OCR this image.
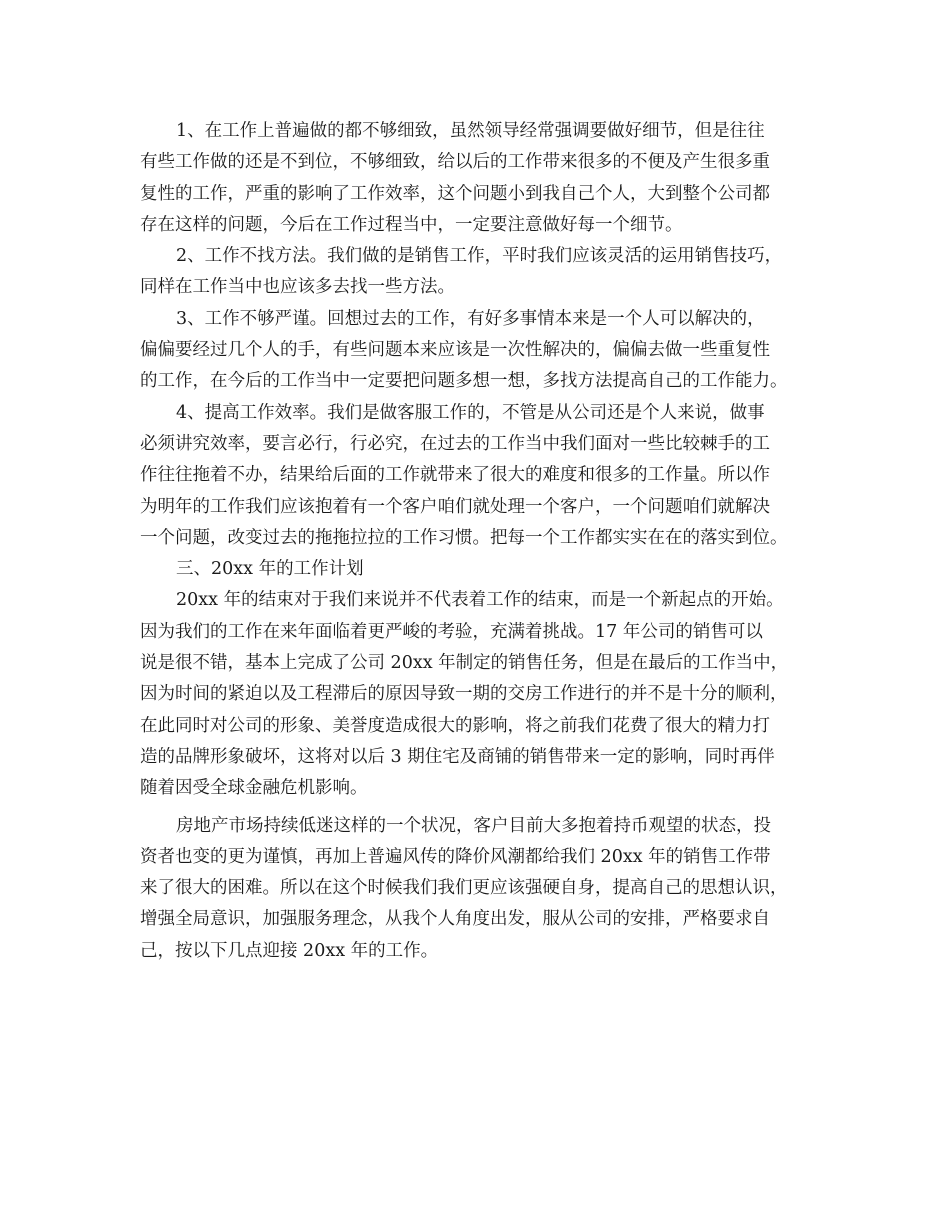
1、在工作上普遍做的都不够细致，虽然领导经常强调要做好细节，但是往往
有些工作做的还是不到位，不够细致，给以后的工作带来很多的不便及产生很多重
复性的工作，严重的影响了工作效率，这个问题小到我自己个人，大到整个公司都
存在这样的问题，今后在工作过程当中，一定要注意做好每一个细节。
2、工作不找方法。我们做的是销售工作，平时我们应该灵活的运用销售技巧，
同样在工作当中也应该多去找一些方法。
3、工作不够严谨。回想过去的工作，有好多事情本来是一个人可以解决的，
偏偏要经过几个人的手，有些问题本来应该是一次性解决的，偏偏去做一些重复性
的工作，在今后的工作当中一定要把问题多想一想，多找方法提高自己的工作能力。
4、提高工作效率。我们是做客服工作的，不管是从公司还是个人来说，做事
必须讲究效率，要言必行，行必究，在过去的工作当中我们面对一些比较棘手的工
作往往拖着不办，结果给后面的工作就带来了很大的难度和很多的工作量。所以作
为明年的工作我们应该抱着有一个客户咱们就处理一个客户，一个问题咱们就解决
一个问题，改变过去的拖拖拉拉的工作习惯。把每一个工作都实实在在的落实到位。
三、20xx 年的工作计划
20xx 年的结束对于我们来说并不代表着工作的结束，而是一个新起点的开始。
因为我们的工作在来年面临着更严峻的考验，充满着挑战。17 年公司的销售可以
说是很不错，基本上完成了公司 20xx 年制定的销售任务，但是在最后的工作当中，
因为时间的紧迫以及工程滞后的原因导致一期的交房工作进行的并不是十分的顺利，
在此同时对公司的形象、美誉度造成很大的影响，将之前我们花费了很大的精力打
造的品牌形象破坏，这将对以后 3 期住宅及商铺的销售带来一定的影响，同时再伴
随着因受全球金融危机影响。
房地产市场持续低迷这样的一个状况，客户目前大多抱着持币观望的状态，投
资者也变的更为谨慎，再加上普遍风传的降价风潮都给我们 20xx 年的销售工作带
来了很大的困难。所以在这个时候我们我们更应该强硬自身，提高自己的思想认识，
增强全局意识，加强服务理念，从我个人角度出发，服从公司的安排，严格要求自
己，按以下几点迎接 20xx 年的工作。
